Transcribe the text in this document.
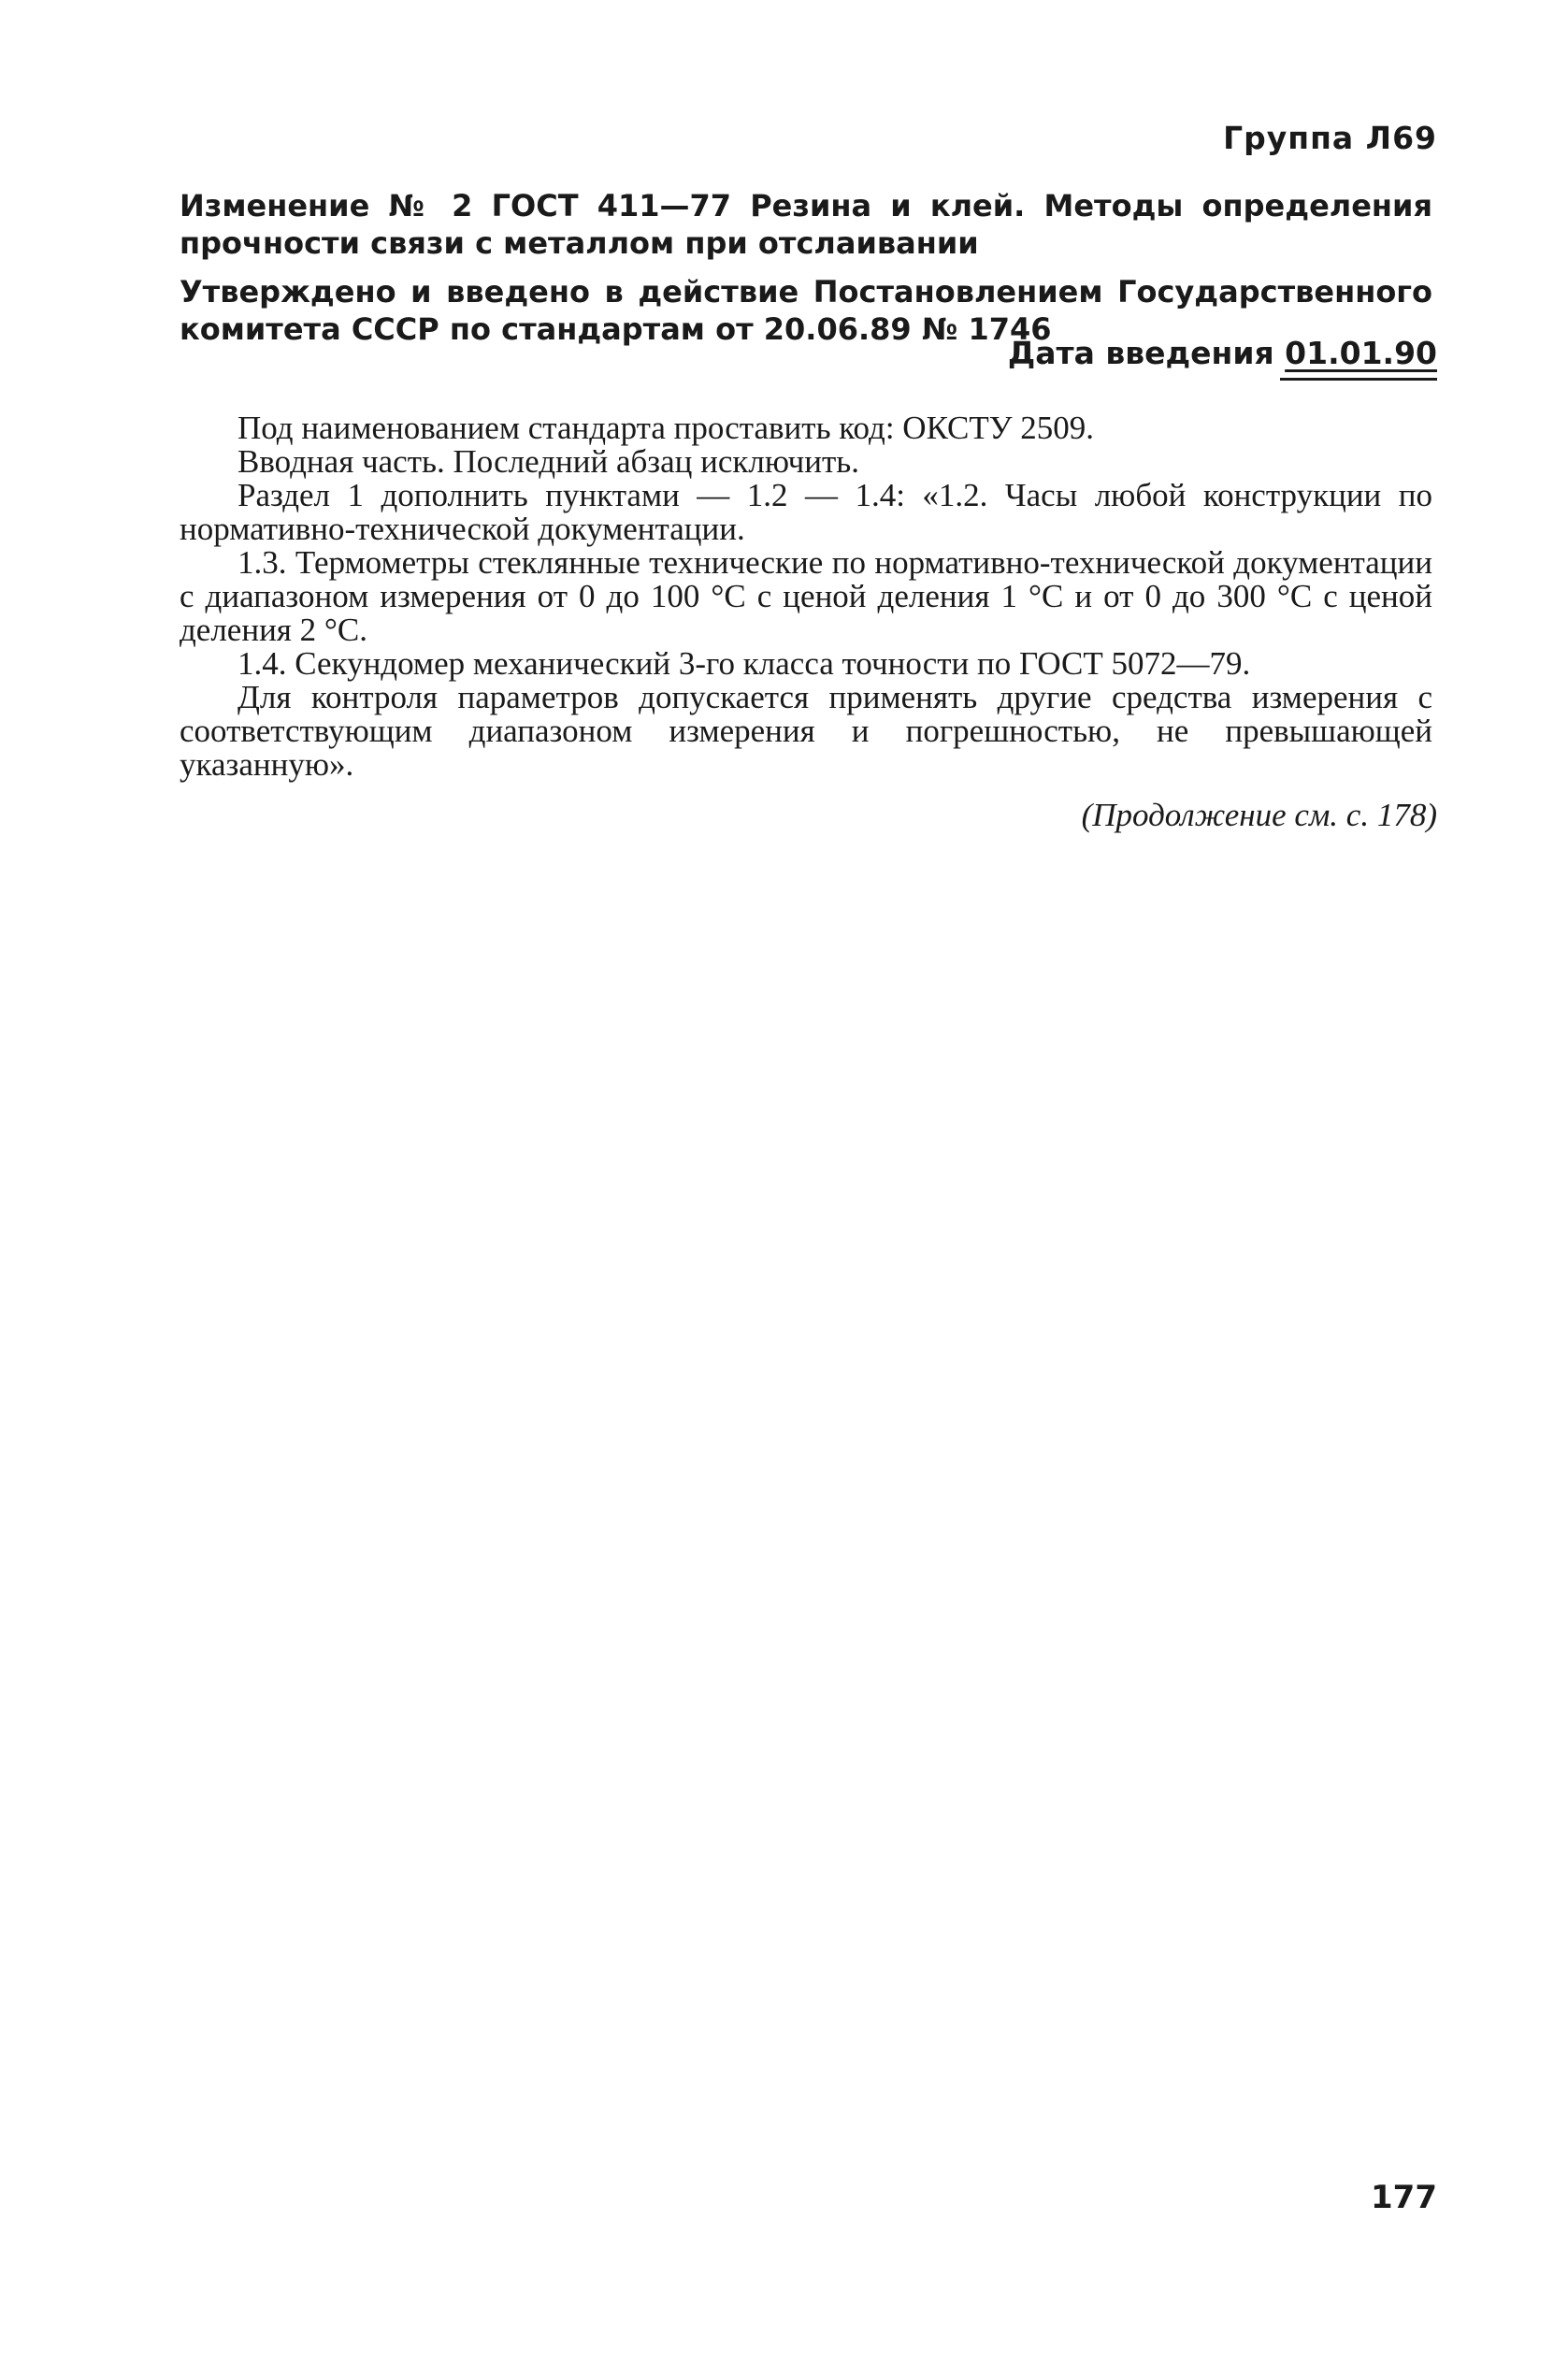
Группа Л69
Изменение № 2 ГОСТ 411—77 Резина и клей. Методы определения прочности связи с металлом при отслаивании
Утверждено и введено в действие Постановлением Государственного комитета СССР по стандартам от 20.06.89 № 1746
Дата введения 01.01.90

Под наименованием стандарта проставить код: ОКСТУ 2509.

Вводная часть. Последний абзац исключить.

Раздел 1 дополнить пунктами — 1.2 — 1.4: «1.2. Часы любой конструкции по нормативно-технической документации.

1.3. Термометры стеклянные технические по нормативно-технической документации с диапазоном измерения от 0 до 100 °С с ценой деления 1 °С и от 0 до 300 °С с ценой деления 2 °С.

1.4. Секундомер механический 3-го класса точности по ГОСТ 5072—79.

Для контроля параметров допускается применять другие средства измерения с соответствующим диапазоном измерения и погрешностью, не превышающей указанную».

(Продолжение см. с. 178)
177
